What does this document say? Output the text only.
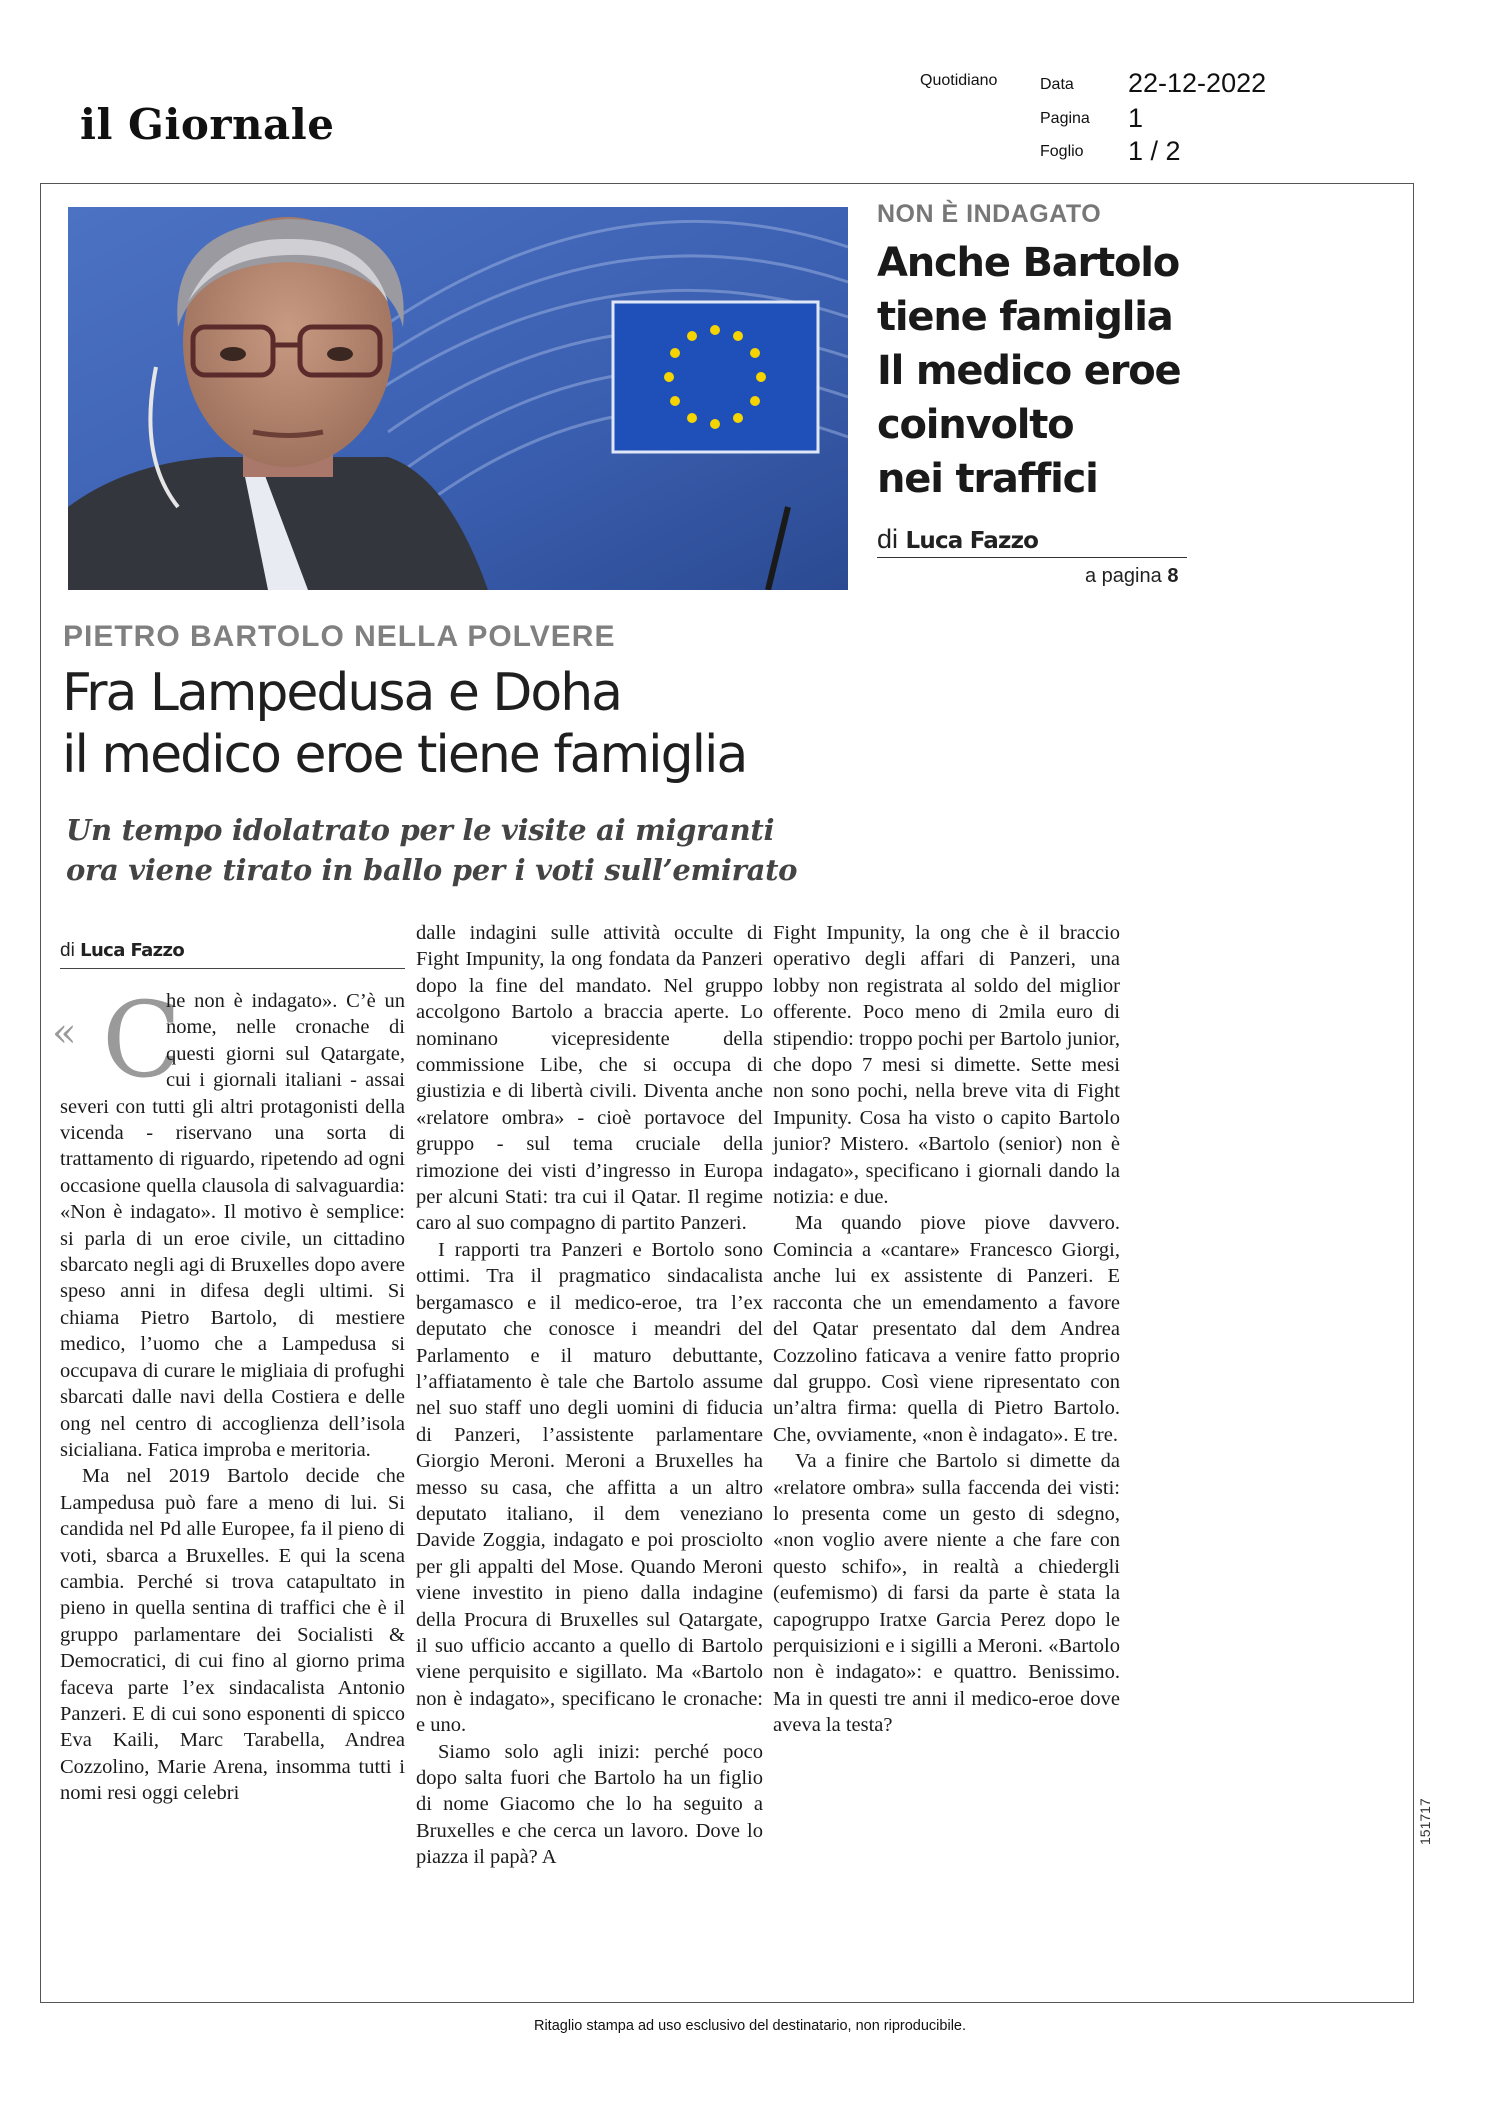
il Giornale
Quotidiano	Data 22-12-2022
Pagina 1
Foglio 1 / 2
NON È INDAGATO
Anche Bartolo
tiene famiglia
Il medico eroe
coinvolto
nei traffici
di Luca Fazzo
a pagina 8
PIETRO BARTOLO NELLA POLVERE
Fra Lampedusa e Doha
il medico eroe tiene famiglia
Un tempo idolatrato per le visite ai migranti
ora viene tirato in ballo per i voti sull’emirato
di Luca Fazzo
« C

he non è indagato». C’è un nome, nelle cronache di questi giorni sul Qatargate, cui i giornali italiani - assai severi con tutti gli altri protagonisti della vicenda - riservano una sorta di trattamento di riguardo, ripetendo ad ogni occasione quella clausola di salvaguardia: «Non è indagato». Il motivo è semplice: si parla di un eroe civile, un cittadino sbarcato negli agi di Bruxelles dopo avere speso anni in difesa degli ultimi. Si chiama Pietro Bartolo, di mestiere medico, l’uomo che a Lampedusa si occupava di curare le migliaia di profughi sbarcati dalle navi della Costiera e delle ong nel centro di accoglienza dell’isola sicialiana. Fatica improba e meritoria.

Ma nel 2019 Bartolo decide che Lampedusa può fare a meno di lui. Si candida nel Pd alle Europee, fa il pieno di voti, sbarca a Bruxelles. E qui la scena cambia. Perché si trova catapultato in pieno in quella sentina di traffici che è il gruppo parlamentare dei Socialisti & Democratici, di cui fino al giorno prima faceva parte l’ex sindacalista Antonio Panzeri. E di cui sono esponenti di spicco Eva Kaili, Marc Tarabella, Andrea Cozzolino, Marie Arena, insomma tutti i nomi resi oggi celebri

dalle indagini sulle attività occulte di Fight Impunity, la ong fondata da Panzeri dopo la fine del mandato. Nel gruppo accolgono Bartolo a braccia aperte. Lo nominano vicepresidente della commissione Libe, che si occupa di giustizia e di libertà civili. Diventa anche «relatore ombra» - cioè portavoce del gruppo - sul tema cruciale della rimozione dei visti d’ingresso in Europa per alcuni Stati: tra cui il Qatar. Il regime caro al suo compagno di partito Panzeri.

I rapporti tra Panzeri e Bortolo sono ottimi. Tra il pragmatico sindacalista bergamasco e il medico-eroe, tra l’ex deputato che conosce i meandri del Parlamento e il maturo debuttante, l’affiatamento è tale che Bartolo assume nel suo staff uno degli uomini di fiducia di Panzeri, l’assistente parlamentare Giorgio Meroni. Meroni a Bruxelles ha messo su casa, che affitta a un altro deputato italiano, il dem veneziano Davide Zoggia, indagato e poi prosciolto per gli appalti del Mose. Quando Meroni viene investito in pieno dalla indagine della Procura di Bruxelles sul Qatargate, il suo ufficio accanto a quello di Bartolo viene perquisito e sigillato. Ma «Bartolo non è indagato», specificano le cronache: e uno.

Siamo solo agli inizi: perché poco dopo salta fuori che Bartolo ha un figlio di nome Giacomo che lo ha seguito a Bruxelles e che cerca un lavoro. Dove lo piazza il papà? A

Fight Impunity, la ong che è il braccio operativo degli affari di Panzeri, una lobby non registrata al soldo del miglior offerente. Poco meno di 2mila euro di stipendio: troppo pochi per Bartolo junior, che dopo 7 mesi si dimette. Sette mesi non sono pochi, nella breve vita di Fight Impunity. Cosa ha visto o capito Bartolo junior? Mistero. «Bartolo (senior) non è indagato», specificano i giornali dando la notizia: e due.

Ma quando piove piove davvero. Comincia a «cantare» Francesco Giorgi, anche lui ex assistente di Panzeri. E racconta che un emendamento a favore del Qatar presentato dal dem Andrea Cozzolino faticava a venire fatto proprio dal gruppo. Così viene ripresentato con un’altra firma: quella di Pietro Bartolo. Che, ovviamente, «non è indagato». E tre.

Va a finire che Bartolo si dimette da «relatore ombra» sulla faccenda dei visti: lo presenta come un gesto di sdegno, «non voglio avere niente a che fare con questo schifo», in realtà a chiedergli (eufemismo) di farsi da parte è stata la capogruppo Iratxe Garcia Perez dopo le perquisizioni e i sigilli a Meroni. «Bartolo non è indagato»: e quattro. Benissimo. Ma in questi tre anni il medico-eroe dove aveva la testa?

151717
Ritaglio stampa ad uso esclusivo del destinatario, non riproducibile.
